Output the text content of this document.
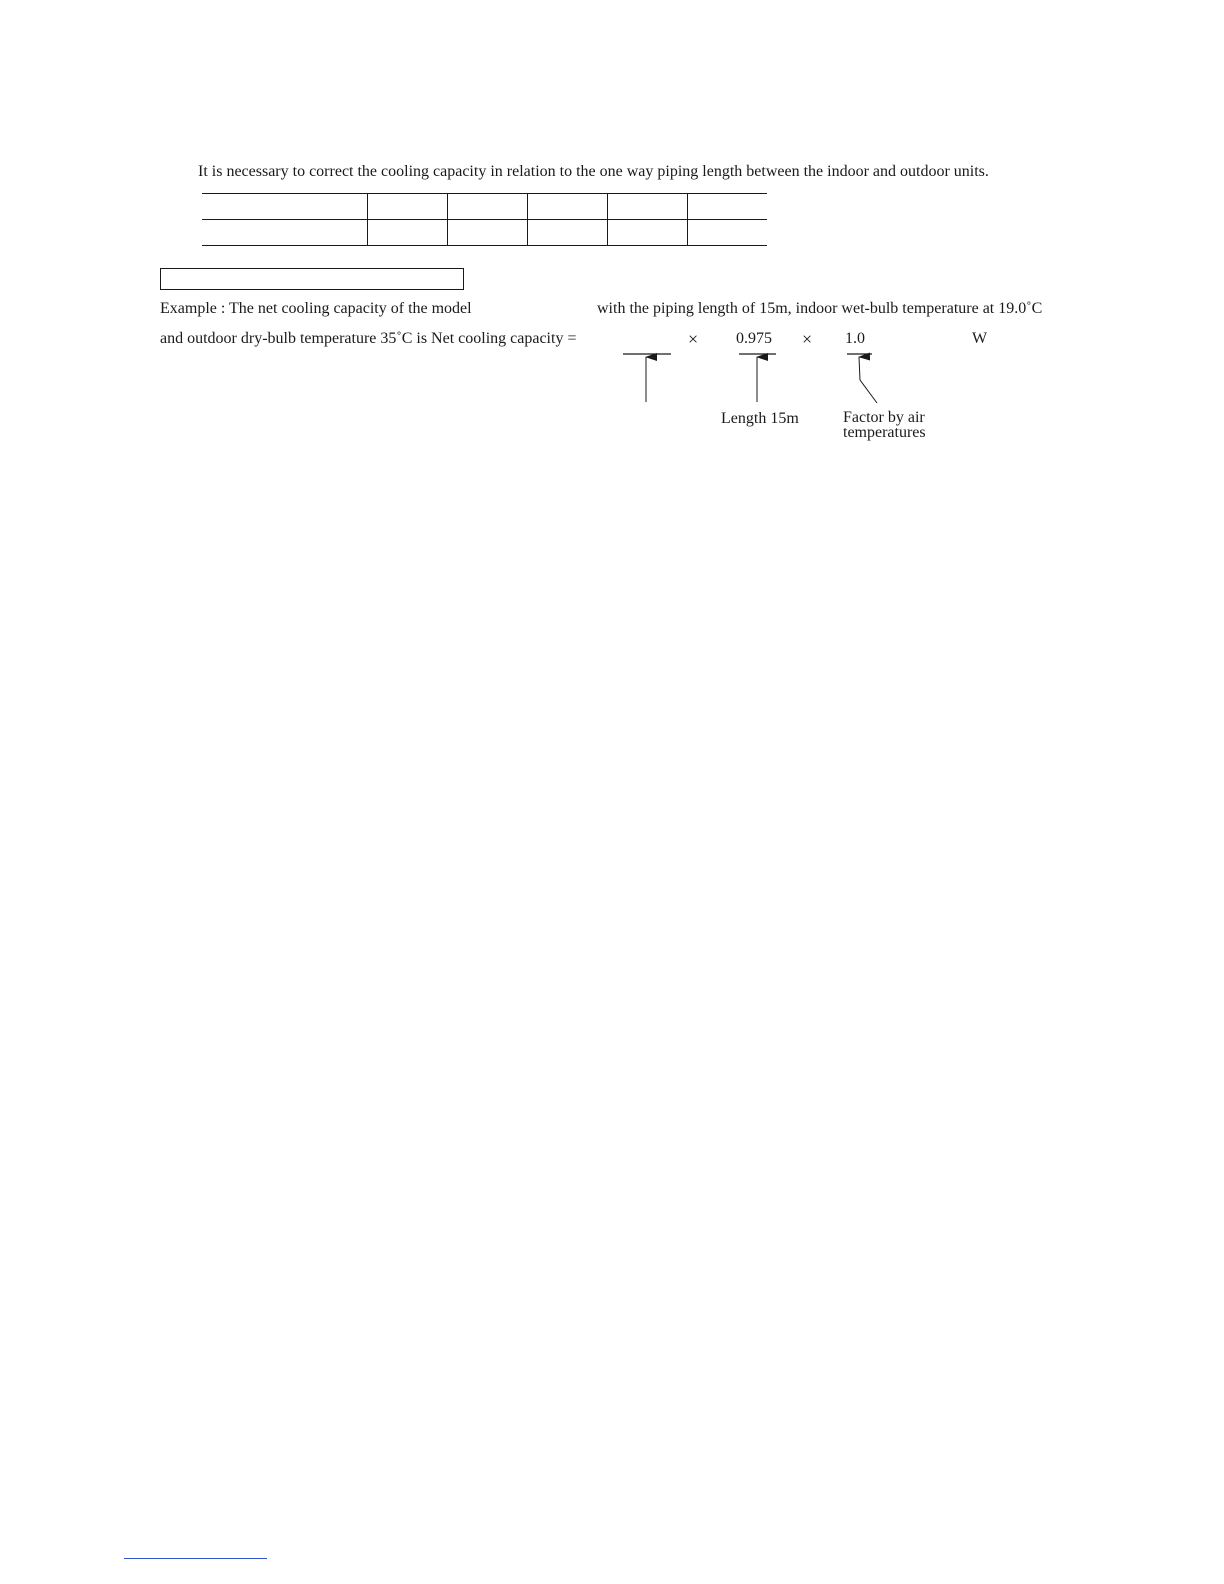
It is necessary to correct the cooling capacity in relation to the one way piping length between the indoor and outdoor units.

Example : The net cooling capacity of the model	with the piping length of 15m, indoor wet-bulb temperature at 19.0˚C
and outdoor dry-bulb temperature 35˚C is Net cooling capacity =	× 0.975 × 1.0	W
Length 15m	Factor by air temperatures
